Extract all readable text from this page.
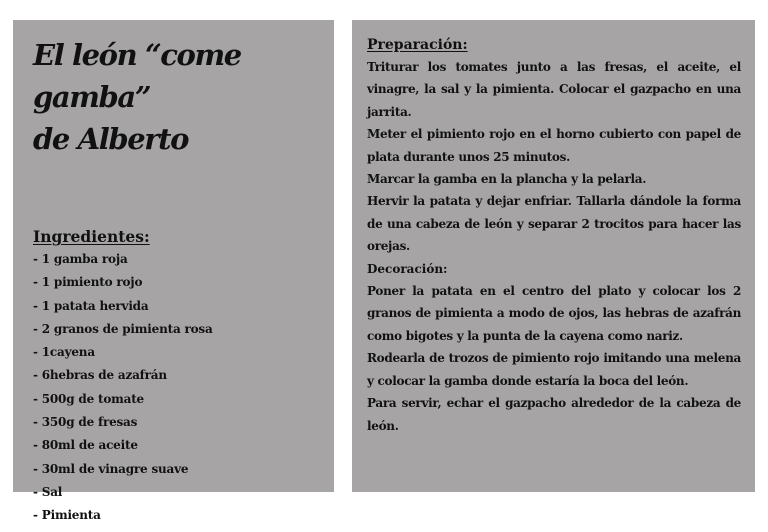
El león “come gamba”
de Alberto
Ingredientes:
- 1 gamba roja
- 1 pimiento rojo
- 1 patata hervida
- 2 granos de pimienta rosa
- 1cayena
- 6hebras de azafrán
- 500g de tomate
- 350g de fresas
- 80ml de aceite
- 30ml de vinagre suave
- Sal
- Pimienta
Preparación:

Triturar los tomates junto a las fresas, el aceite, el vinagre, la sal y la pimienta. Colocar el gazpacho en una jarrita.

Meter el pimiento rojo en el horno cubierto con papel de plata durante unos 25 minutos.

Marcar la gamba en la plancha y la pelarla.

Hervir la patata y dejar enfriar. Tallarla dándole la forma de una cabeza de león y separar 2 trocitos para hacer las orejas.

Decoración:

Poner la patata en el centro del plato y colocar los 2 granos de pimienta a modo de ojos, las hebras de azafrán como bigotes y la punta de la cayena como nariz.

Rodearla de trozos de pimiento rojo imitando una melena y colocar la gamba donde estaría la boca del león.

Para servir, echar el gazpacho alrededor de la cabeza de león.
